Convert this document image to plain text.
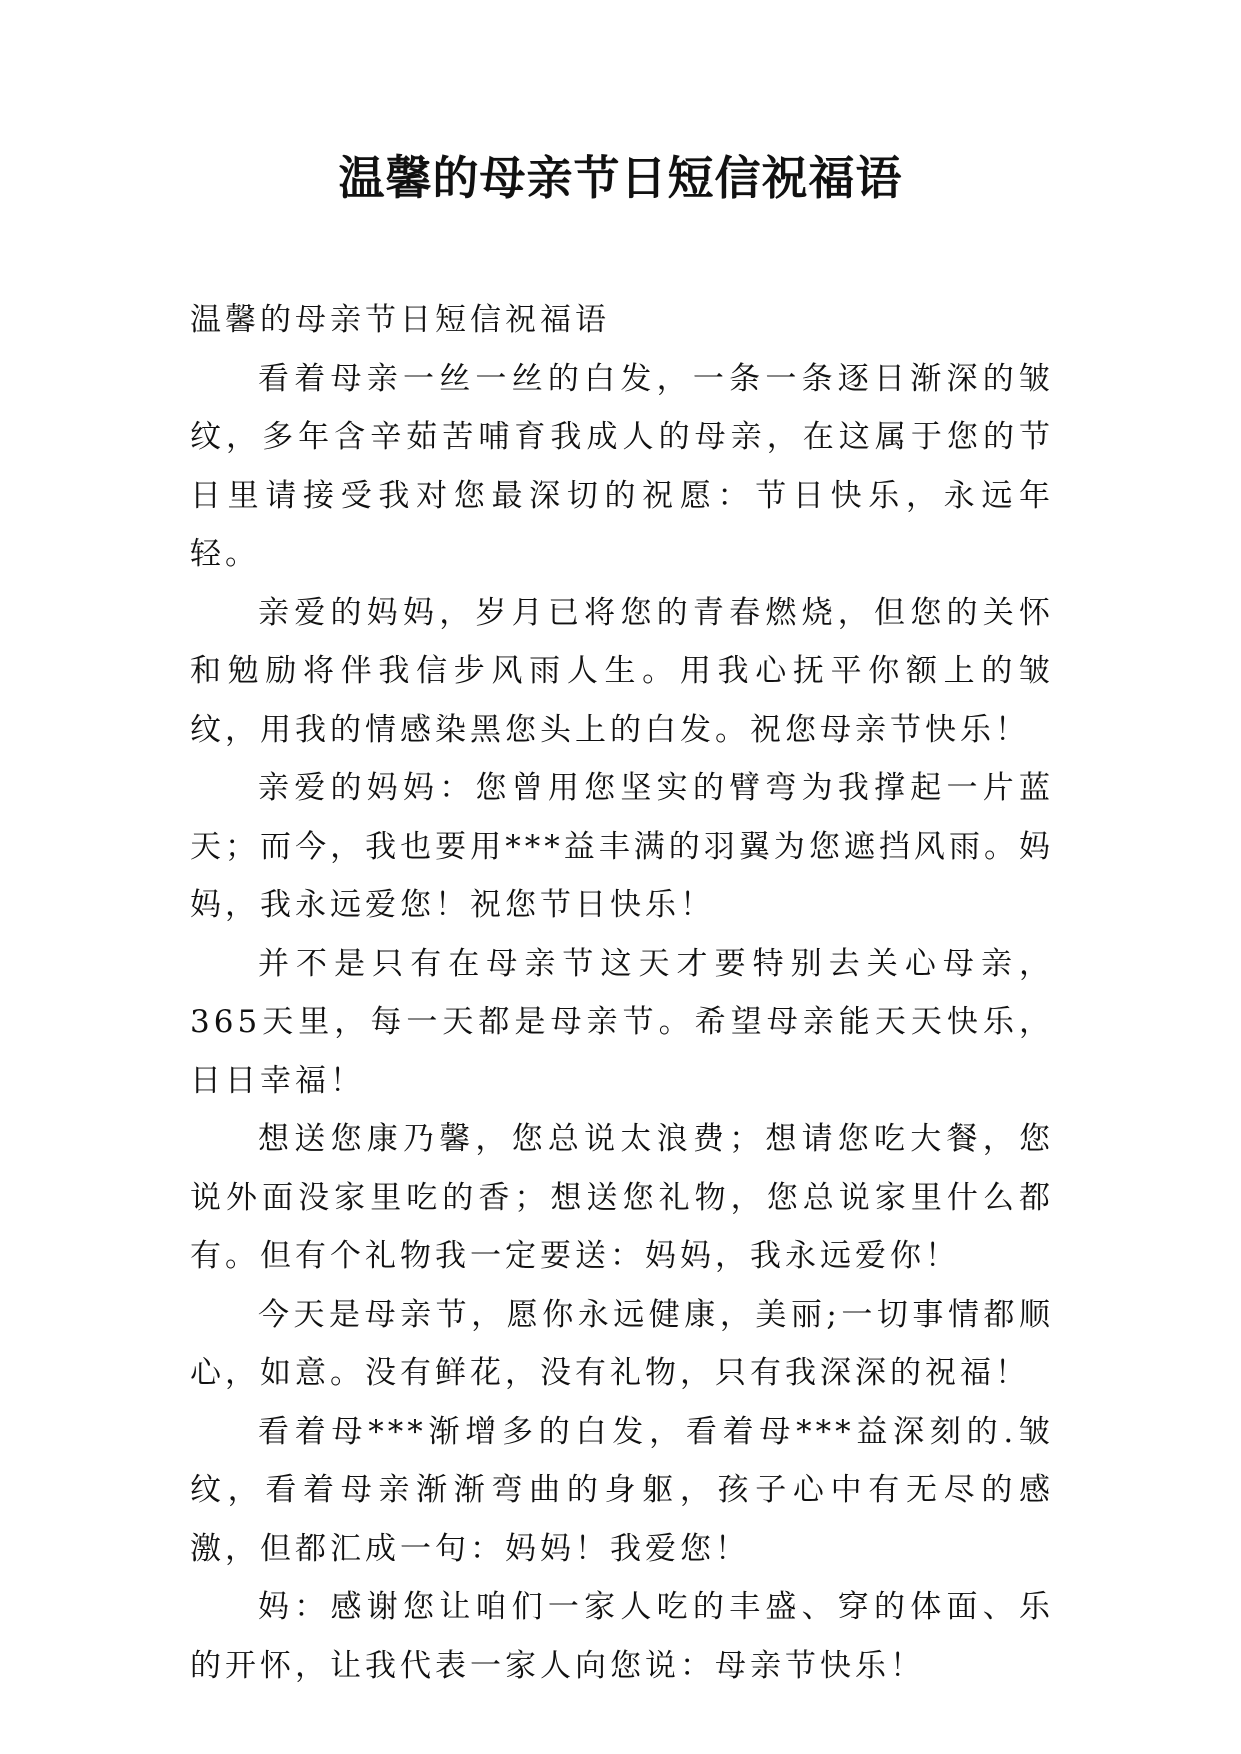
温馨的母亲节日短信祝福语

温馨的母亲节日短信祝福语

看着母亲一丝一丝的白发，一条一条逐日渐深的皱纹，多年含辛茹苦哺育我成人的母亲，在这属于您的节日里请接受我对您最深切的祝愿：节日快乐，永远年轻。

亲爱的妈妈，岁月已将您的青春燃烧，但您的关怀和勉励将伴我信步风雨人生。用我心抚平你额上的皱纹，用我的情感染黑您头上的白发。祝您母亲节快乐！

亲爱的妈妈：您曾用您坚实的臂弯为我撑起一片蓝天；而今，我也要用***益丰满的羽翼为您遮挡风雨。妈妈，我永远爱您！祝您节日快乐！

并不是只有在母亲节这天才要特别去关心母亲，365天里，每一天都是母亲节。希望母亲能天天快乐，日日幸福！

想送您康乃馨，您总说太浪费；想请您吃大餐，您说外面没家里吃的香；想送您礼物，您总说家里什么都有。但有个礼物我一定要送：妈妈，我永远爱你！

今天是母亲节，愿你永远健康，美丽;一切事情都顺心，如意。没有鲜花，没有礼物，只有我深深的祝福！

看着母***渐增多的白发，看着母***益深刻的.皱纹，看着母亲渐渐弯曲的身躯，孩子心中有无尽的感激，但都汇成一句：妈妈！我爱您！

妈：感谢您让咱们一家人吃的丰盛、穿的体面、乐的开怀，让我代表一家人向您说：母亲节快乐！
